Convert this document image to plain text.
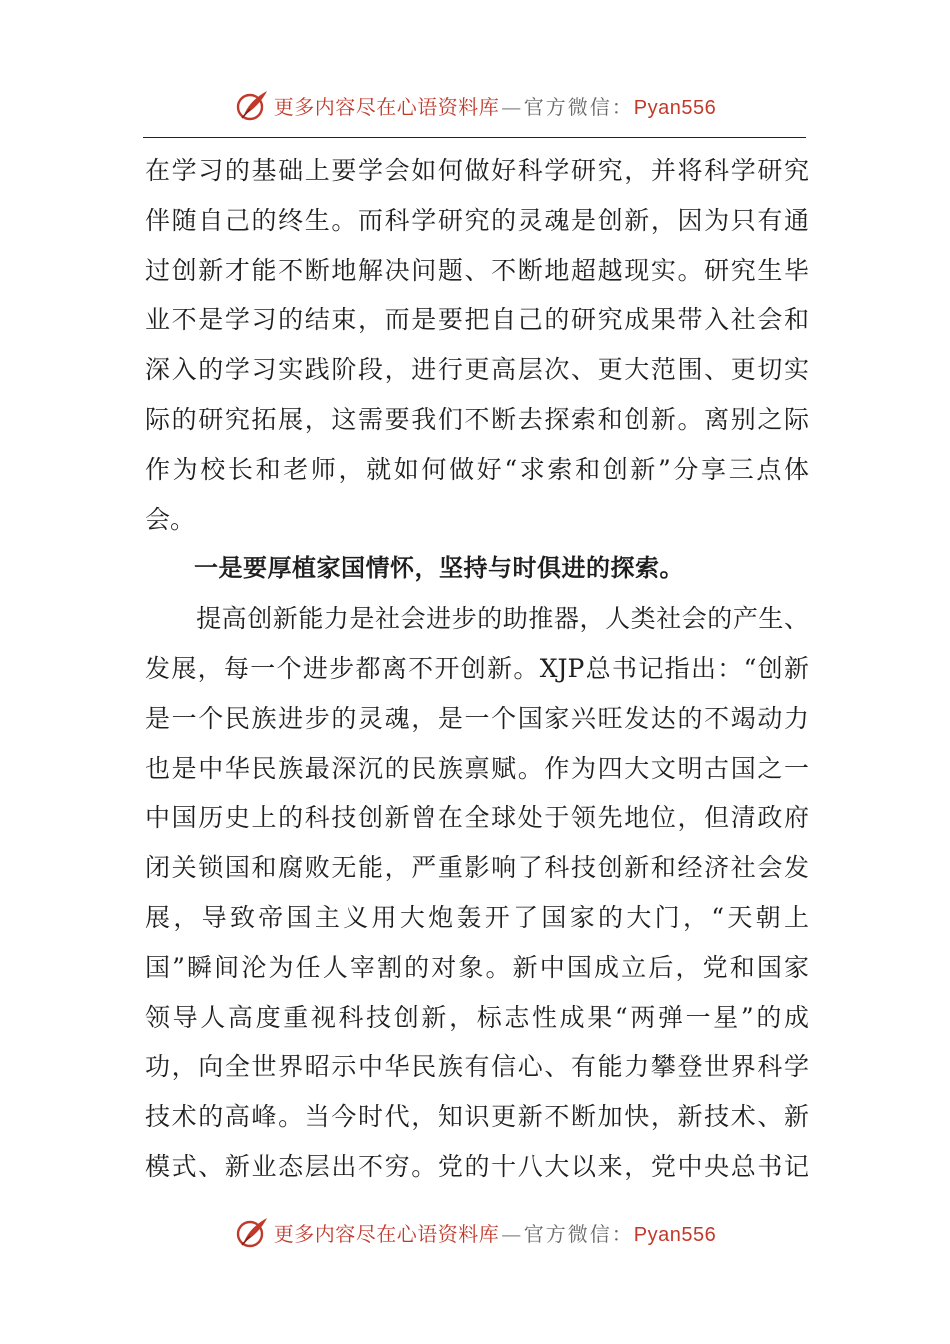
更多内容尽在心语资料库 — 官方微信：Pyan556
在学习的基础上要学会如何做好科学研究，并将科学研究
伴随自己的终生。而科学研究的灵魂是创新，因为只有通
过创新才能不断地解决问题、不断地超越现实。研究生毕
业不是学习的结束，而是要把自己的研究成果带入社会和
深入的学习实践阶段，进行更高层次、更大范围、更切实
际的研究拓展，这需要我们不断去探索和创新。离别之际
作为校长和老师，就如何做好“求索和创新”分享三点体
会。
　　一是要厚植家国情怀，坚持与时俱进的探索。
　　提高创新能力是社会进步的助推器，人类社会的产生、
发展，每一个进步都离不开创新。XJP总书记指出：“创新
是一个民族进步的灵魂，是一个国家兴旺发达的不竭动力
也是中华民族最深沉的民族禀赋。作为四大文明古国之一
中国历史上的科技创新曾在全球处于领先地位，但清政府
闭关锁国和腐败无能，严重影响了科技创新和经济社会发
展，导致帝国主义用大炮轰开了国家的大门，“天朝上
国”瞬间沦为任人宰割的对象。新中国成立后，党和国家
领导人高度重视科技创新，标志性成果“两弹一星”的成
功，向全世界昭示中华民族有信心、有能力攀登世界科学
技术的高峰。当今时代，知识更新不断加快，新技术、新
模式、新业态层出不穷。党的十八大以来，党中央总书记
更多内容尽在心语资料库 — 官方微信：Pyan556
